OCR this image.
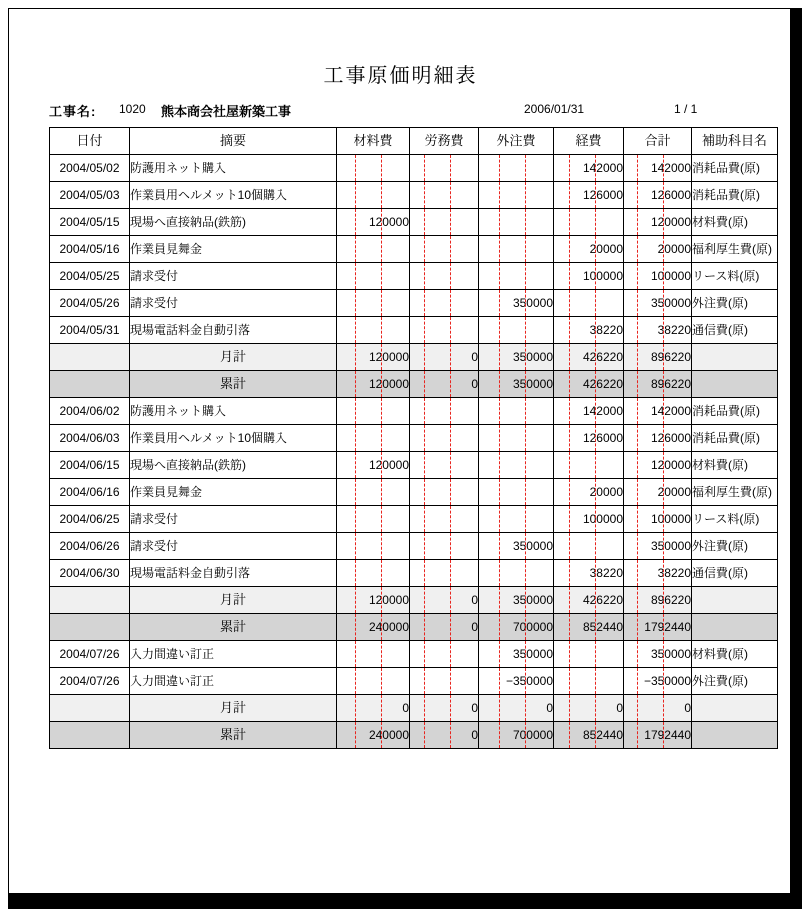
工事原価明細表
工事名: 1020 熊本商会社屋新築工事	2006/01/31	1 / 1
日付	摘要	材料費	労務費	外注費	経費	合計	補助科目名
2004/05/02	防護用ネット購入				142000	142000	消耗品費(原)
2004/05/03	作業員用ヘルメット10個購入				126000	126000	消耗品費(原)
2004/05/15	現場へ直接納品(鉄筋)	120000				120000	材料費(原)
2004/05/16	作業員見舞金				20000	20000	福利厚生費(原)
2004/05/25	請求受付				100000	100000	リース料(原)
2004/05/26	請求受付			350000		350000	外注費(原)
2004/05/31	現場電話料金自動引落				38220	38220	通信費(原)
	月計	120000	0	350000	426220	896220	
	累計	120000	0	350000	426220	896220	
2004/06/02	防護用ネット購入				142000	142000	消耗品費(原)
2004/06/03	作業員用ヘルメット10個購入				126000	126000	消耗品費(原)
2004/06/15	現場へ直接納品(鉄筋)	120000				120000	材料費(原)
2004/06/16	作業員見舞金				20000	20000	福利厚生費(原)
2004/06/25	請求受付				100000	100000	リース料(原)
2004/06/26	請求受付			350000		350000	外注費(原)
2004/06/30	現場電話料金自動引落				38220	38220	通信費(原)
	月計	120000	0	350000	426220	896220	
	累計	240000	0	700000	852440	1792440	
2004/07/26	入力間違い訂正			350000		350000	材料費(原)
2004/07/26	入力間違い訂正			−350000		−350000	外注費(原)
	月計	0	0	0	0	0	
	累計	240000	0	700000	852440	1792440	
